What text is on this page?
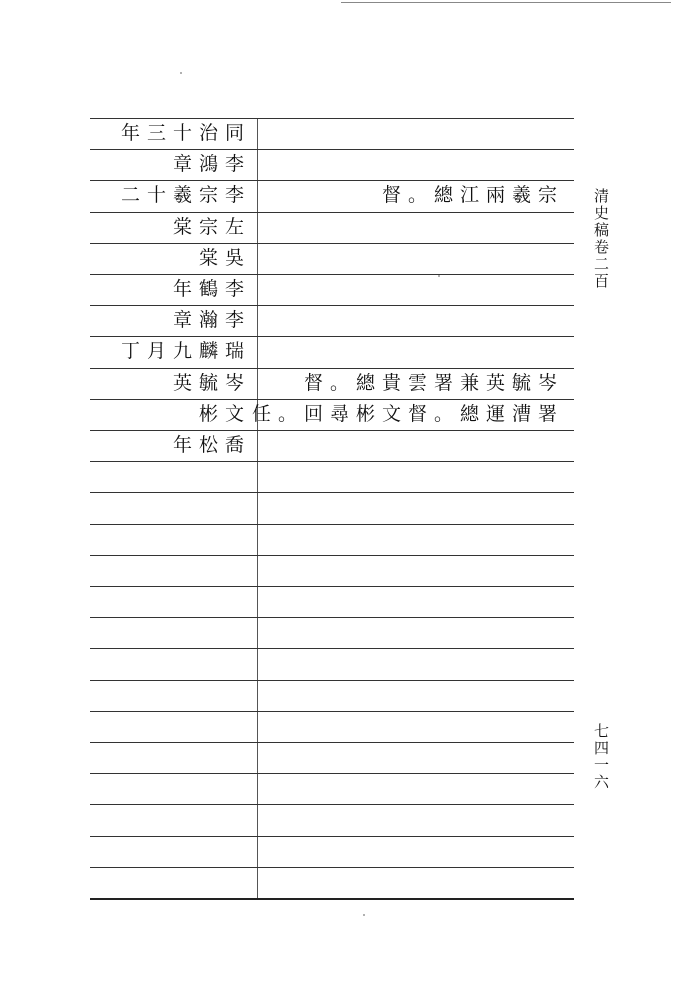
年三十治同
章鴻李
二十羲宗李	督。總江兩羲宗
棠宗左
棠吳
年鶴李
章瀚李
丁月九麟瑞
英毓岑	督。總貴雲署兼英毓岑
彬文 任。回尋彬文督。總運漕署
年松喬
清史稿卷二百
七四一六
